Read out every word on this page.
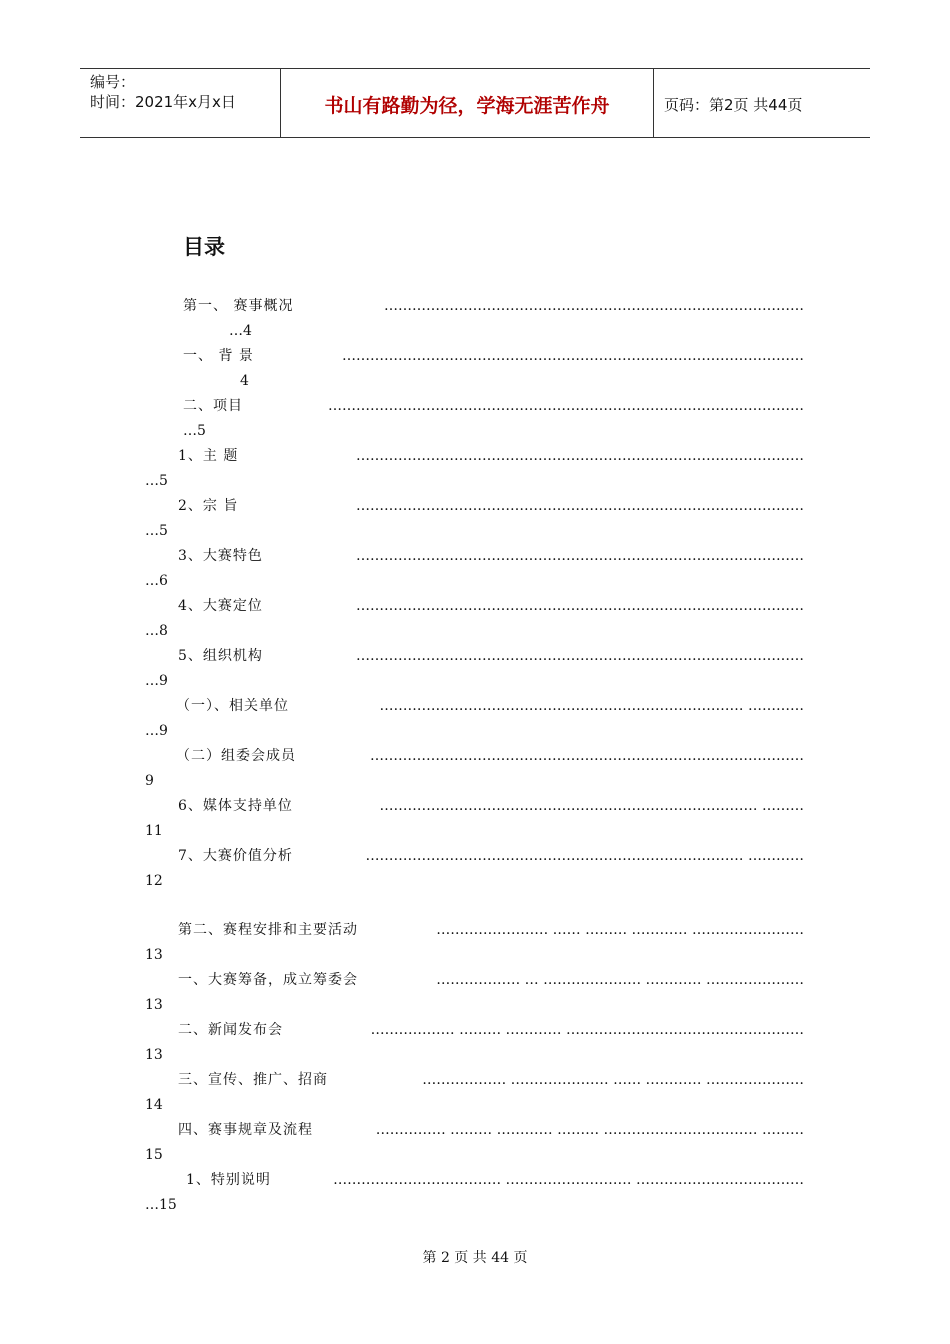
编号：
时间：2021年x月x日	书山有路勤为径，学海无涯苦作舟	页码：第2页 共44页
目录
第一、 赛事概况	………………………………………………………………………………
…4
一、 背 景	………………………………………………………………………………………
4
二、项目	…………………………………………………………………………………………
…5
1、主 题	……………………………………………………………………………………
…5
2、宗 旨	……………………………………………………………………………………
…5
3、大赛特色	……………………………………………………………………………………
…6
4、大赛定位	……………………………………………………………………………………
…8
5、组织机构	……………………………………………………………………………………
…9
（一）、相关单位	…………………………………………………………………… …………
…9
（二）组委会成员	…………………………………………………………………………………
9
6、媒体支持单位	……………………………………………………………………… ………
11
7、大赛价值分析	……………………………………………………………………… …………
12
第二、赛程安排和主要活动	…………………… …… ……… ………… ……………………
13
一、大赛筹备，成立筹委会	……………… … ………………… ………… …………………
13
二、新闻发布会	……………… ……… ………… ……………………………………………
13
三、宣传、推广、招商	……………… ………………… …… ………… …………………
14
四、赛事规章及流程	…………… ……… ………… ……… …………………………… ………
15
1、特别说明	……………………………… ……………………… ………………………………
…15
第 2 页 共 44 页
